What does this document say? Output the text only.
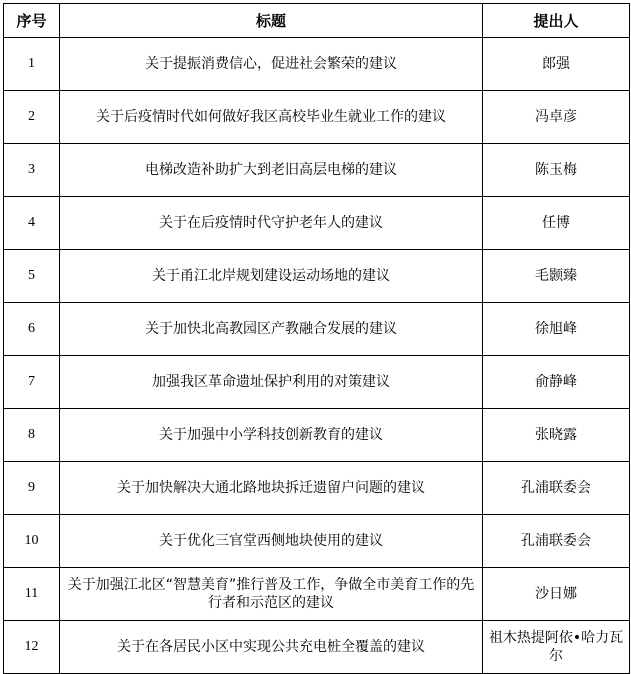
序号	标题	提出人
1	关于提振消费信心，促进社会繁荣的建议	郎强
2	关于后疫情时代如何做好我区高校毕业生就业工作的建议	冯卓彦
3	电梯改造补助扩大到老旧高层电梯的建议	陈玉梅
4	关于在后疫情时代守护老年人的建议	任博
5	关于甬江北岸规划建设运动场地的建议	毛颢臻
6	关于加快北高教园区产教融合发展的建议	徐旭峰
7	加强我区革命遗址保护利用的对策建议	俞静峰
8	关于加强中小学科技创新教育的建议	张晓露
9	关于加快解决大通北路地块拆迁遗留户问题的建议	孔浦联委会
10	关于优化三官堂西侧地块使用的建议	孔浦联委会
11	关于加强江北区“智慧美育”推行普及工作，争做全市美育工作的先行者和示范区的建议	沙日娜
12	关于在各居民小区中实现公共充电桩全覆盖的建议	祖木热提阿依•哈力瓦尔
